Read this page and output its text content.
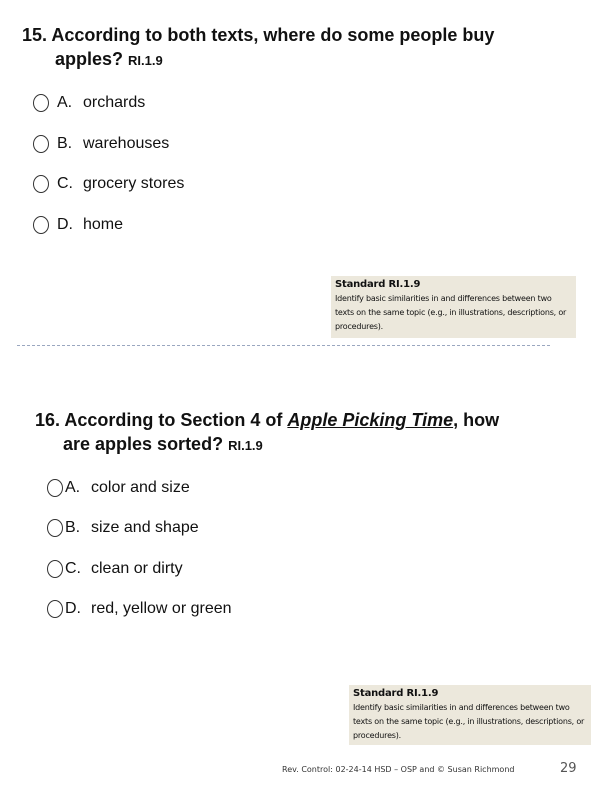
15. According to both texts, where do some people buy
apples? RI.1.9
A. orchards
B. warehouses
C. grocery stores
D. home
Standard RI.1.9
Identify basic similarities in and differences between two texts on the same topic (e.g., in illustrations, descriptions, or procedures).
16. According to Section 4 of Apple Picking Time, how
are apples sorted? RI.1.9
A. color and size
B. size and shape
C. clean or dirty
D. red, yellow or green
Standard RI.1.9
Identify basic similarities in and differences between two texts on the same topic (e.g., in illustrations, descriptions, or procedures).
Rev. Control: 02-24-14 HSD – OSP and © Susan Richmond	29
